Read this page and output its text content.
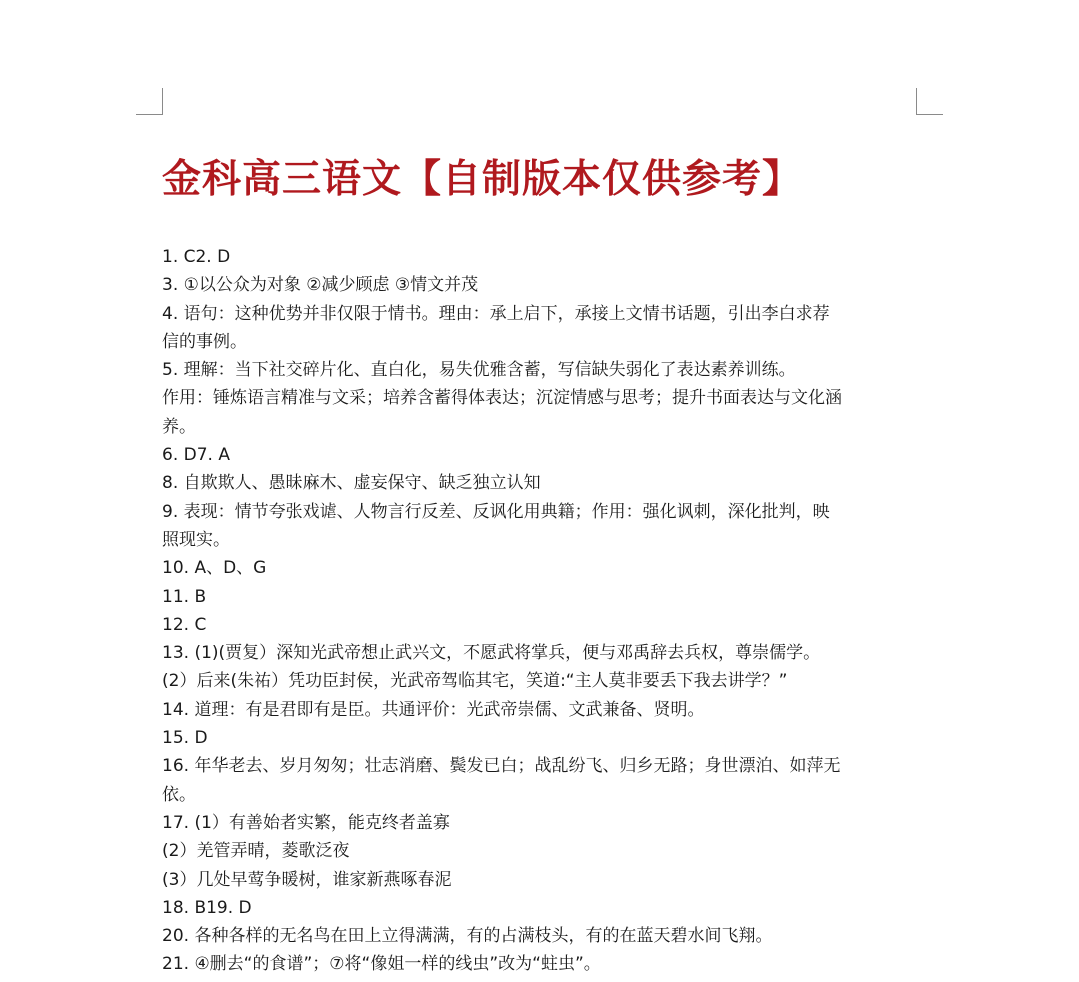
金科高三语文【自制版本仅供参考】
1. C2. D
3. ①以公众为对象 ②减少顾虑 ③情文并茂
4. 语句：这种优势并非仅限于情书。理由：承上启下，承接上文情书话题，引出李白求荐
信的事例。
5. 理解：当下社交碎片化、直白化，易失优雅含蓄，写信缺失弱化了表达素养训练。
作用：锤炼语言精准与文采；培养含蓄得体表达；沉淀情感与思考；提升书面表达与文化涵
养。
6. D7. A
8. 自欺欺人、愚昧麻木、虚妄保守、缺乏独立认知
9. 表现：情节夸张戏谑、人物言行反差、反讽化用典籍；作用：强化讽刺，深化批判，映
照现实。
10. A、D、G
11. B
12. C
13. (1)(贾复）深知光武帝想止武兴文，不愿武将掌兵，便与邓禹辞去兵权，尊崇儒学。
(2）后来(朱祐）凭功臣封侯，光武帝驾临其宅，笑道:“主人莫非要丢下我去讲学？”
14. 道理：有是君即有是臣。共通评价：光武帝崇儒、文武兼备、贤明。
15. D
16. 年华老去、岁月匆匆；壮志消磨、鬓发已白；战乱纷飞、归乡无路；身世漂泊、如萍无
依。
17. (1）有善始者实繁，能克终者盖寡
(2）羌管弄晴，菱歌泛夜
(3）几处早莺争暖树，谁家新燕啄春泥
18. B19. D
20. 各种各样的无名鸟在田上立得满满，有的占满枝头，有的在蓝天碧水间飞翔。
21. ④删去“的食谱”；⑦将“像姐一样的线虫”改为“蛀虫”。
